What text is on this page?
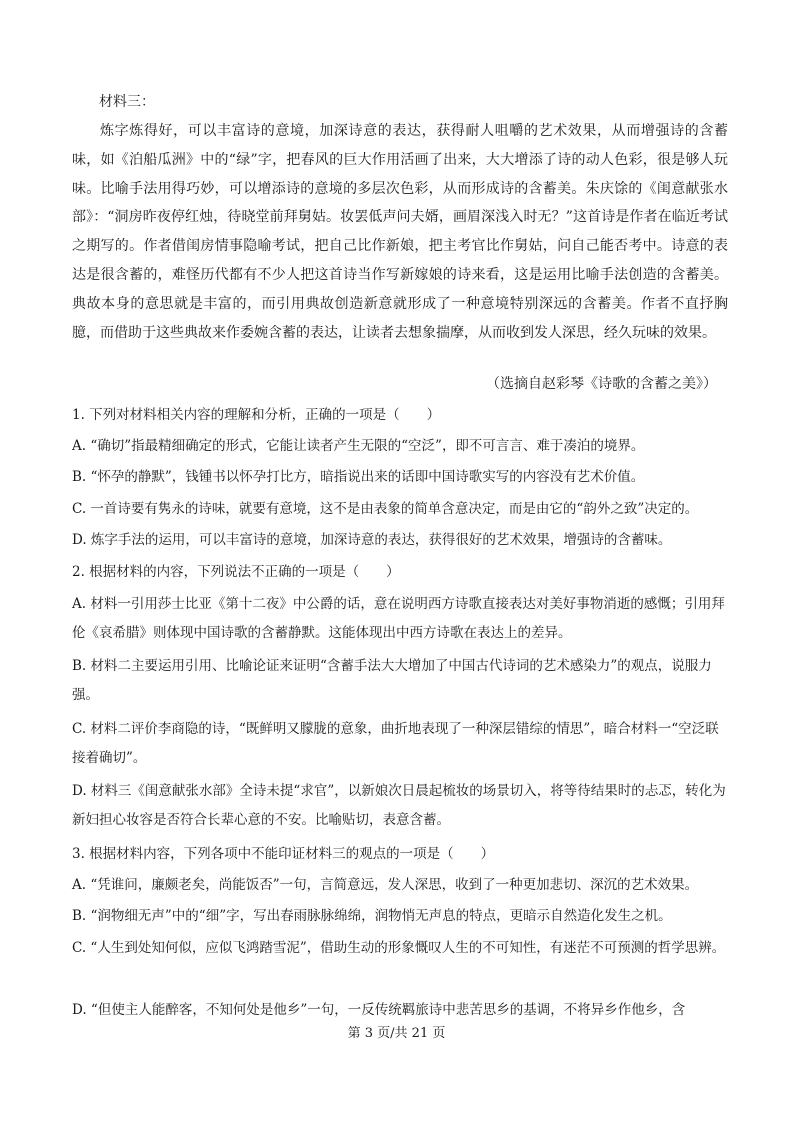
材料三：

炼字炼得好，可以丰富诗的意境，加深诗意的表达，获得耐人咀嚼的艺术效果，从而增强诗的含蓄味，如《泊船瓜洲》中的“绿”字，把春风的巨大作用活画了出来，大大增添了诗的动人色彩，很是够人玩味。比喻手法用得巧妙，可以增添诗的意境的多层次色彩，从而形成诗的含蓄美。朱庆馀的《闺意献张水部》：“洞房昨夜停红烛，待晓堂前拜舅姑。妆罢低声问夫婿，画眉深浅入时无？”这首诗是作者在临近考试之期写的。作者借闺房情事隐喻考试，把自己比作新娘，把主考官比作舅姑，问自己能否考中。诗意的表达是很含蓄的，难怪历代都有不少人把这首诗当作写新嫁娘的诗来看，这是运用比喻手法创造的含蓄美。典故本身的意思就是丰富的，而引用典故创造新意就形成了一种意境特别深远的含蓄美。作者不直抒胸臆，而借助于这些典故来作委婉含蓄的表达，让读者去想象揣摩，从而收到发人深思，经久玩味的效果。

（选摘自赵彩琴《诗歌的含蓄之美》）
1. 下列对材料相关内容的理解和分析，正确的一项是（　　）
A. “确切”指最精细确定的形式，它能让读者产生无限的“空泛”，即不可言言、难于凑泊的境界。
B. “怀孕的静默”，钱锺书以怀孕打比方，暗指说出来的话即中国诗歌实写的内容没有艺术价值。
C. 一首诗要有隽永的诗味，就要有意境，这不是由表象的简单含意决定，而是由它的“韵外之致”决定的。
D. 炼字手法的运用，可以丰富诗的意境，加深诗意的表达，获得很好的艺术效果，增强诗的含蓄味。
2. 根据材料的内容，下列说法不正确的一项是（　　）
A. 材料一引用莎士比亚《第十二夜》中公爵的话，意在说明西方诗歌直接表达对美好事物消逝的感慨；引用拜伦《哀希腊》则体现中国诗歌的含蓄静默。这能体现出中西方诗歌在表达上的差异。
B. 材料二主要运用引用、比喻论证来证明“含蓄手法大大增加了中国古代诗词的艺术感染力”的观点，说服力强。
C. 材料二评价李商隐的诗，“既鲜明又朦胧的意象，曲折地表现了一种深层错综的情思”，暗合材料一“空泛联接着确切”。
D. 材料三《闺意献张水部》全诗未提“求官”，以新娘次日晨起梳妆的场景切入，将等待结果时的忐忑，转化为新妇担心妆容是否符合长辈心意的不安。比喻贴切，表意含蓄。
3. 根据材料内容，下列各项中不能印证材料三的观点的一项是（　　）
A. “凭谁问，廉颇老矣，尚能饭否”一句，言简意远，发人深思，收到了一种更加悲切、深沉的艺术效果。
B. “润物细无声”中的“细”字，写出春雨脉脉绵绵，润物悄无声息的特点，更暗示自然造化发生之机。
C. “人生到处知何似，应似飞鸿踏雪泥”，借助生动的形象慨叹人生的不可知性，有迷茫不可预测的哲学思辨。
D. “但使主人能醉客，不知何处是他乡”一句，一反传统羁旅诗中悲苦思乡的基调，不将异乡作他乡，含
第 3 页/共 21 页
